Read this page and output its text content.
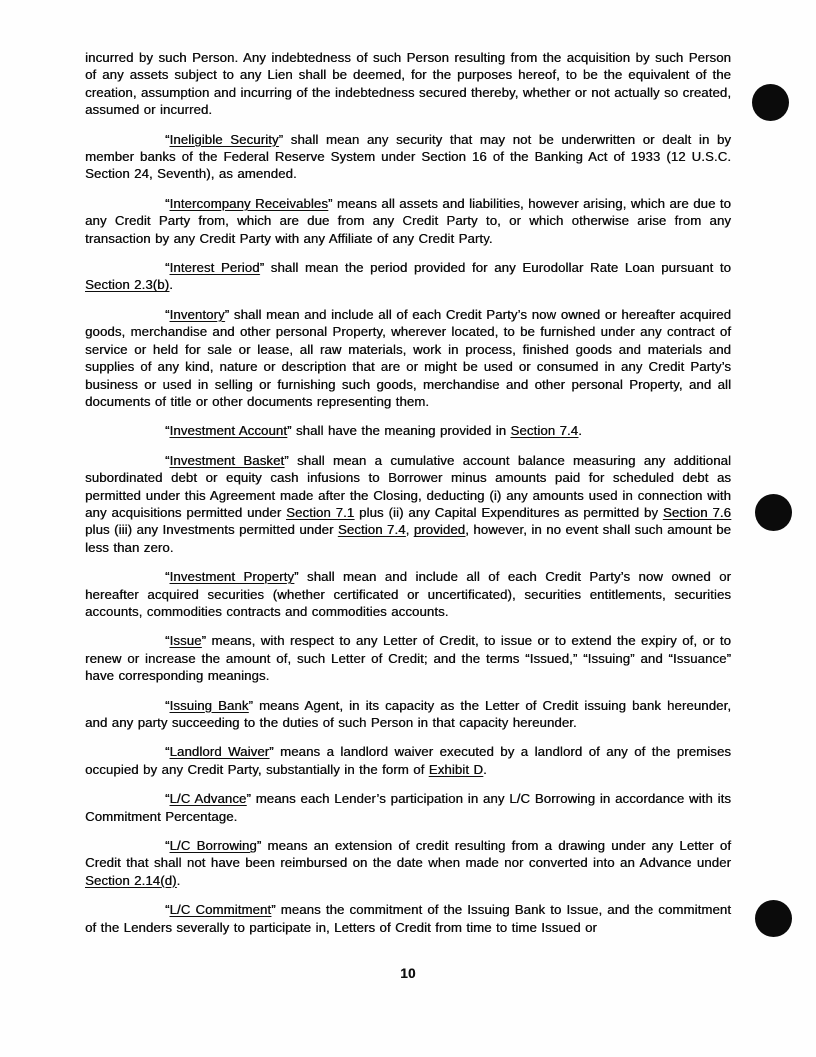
incurred by such Person. Any indebtedness of such Person resulting from the acquisition by such Person of any assets subject to any Lien shall be deemed, for the purposes hereof, to be the equivalent of the creation, assumption and incurring of the indebtedness secured thereby, whether or not actually so created, assumed or incurred.

“Ineligible Security” shall mean any security that may not be underwritten or dealt in by member banks of the Federal Reserve System under Section 16 of the Banking Act of 1933 (12 U.S.C. Section 24, Seventh), as amended.

“Intercompany Receivables” means all assets and liabilities, however arising, which are due to any Credit Party from, which are due from any Credit Party to, or which otherwise arise from any transaction by any Credit Party with any Affiliate of any Credit Party.

“Interest Period” shall mean the period provided for any Eurodollar Rate Loan pursuant to Section 2.3(b).

“Inventory” shall mean and include all of each Credit Party’s now owned or hereafter acquired goods, merchandise and other personal Property, wherever located, to be furnished under any contract of service or held for sale or lease, all raw materials, work in process, finished goods and materials and supplies of any kind, nature or description that are or might be used or consumed in any Credit Party’s business or used in selling or furnishing such goods, merchandise and other personal Property, and all documents of title or other documents representing them.

“Investment Account” shall have the meaning provided in Section 7.4.

“Investment Basket” shall mean a cumulative account balance measuring any additional subordinated debt or equity cash infusions to Borrower minus amounts paid for scheduled debt as permitted under this Agreement made after the Closing, deducting (i) any amounts used in connection with any acquisitions permitted under Section 7.1 plus (ii) any Capital Expenditures as permitted by Section 7.6 plus (iii) any Investments permitted under Section 7.4, provided, however, in no event shall such amount be less than zero.

“Investment Property” shall mean and include all of each Credit Party’s now owned or hereafter acquired securities (whether certificated or uncertificated), securities entitlements, securities accounts, commodities contracts and commodities accounts.

“Issue” means, with respect to any Letter of Credit, to issue or to extend the expiry of, or to renew or increase the amount of, such Letter of Credit; and the terms “Issued,” “Issuing” and “Issuance” have corresponding meanings.

“Issuing Bank” means Agent, in its capacity as the Letter of Credit issuing bank hereunder, and any party succeeding to the duties of such Person in that capacity hereunder.

“Landlord Waiver” means a landlord waiver executed by a landlord of any of the premises occupied by any Credit Party, substantially in the form of Exhibit D.

“L/C Advance” means each Lender’s participation in any L/C Borrowing in accordance with its Commitment Percentage.

“L/C Borrowing” means an extension of credit resulting from a drawing under any Letter of Credit that shall not have been reimbursed on the date when made nor converted into an Advance under Section 2.14(d).

“L/C Commitment” means the commitment of the Issuing Bank to Issue, and the commitment of the Lenders severally to participate in, Letters of Credit from time to time Issued or

10
